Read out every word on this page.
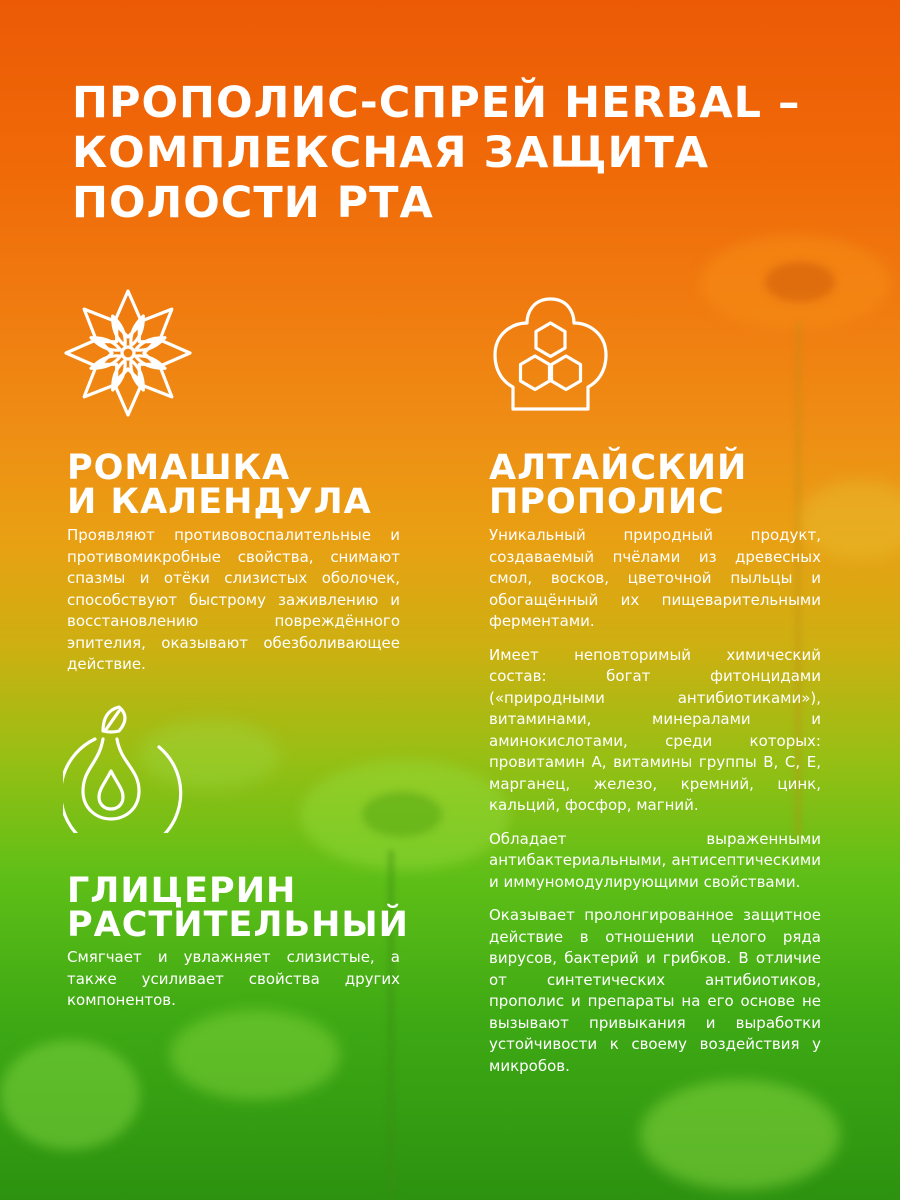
ПРОПОЛИС-СПРЕЙ HERBAL –
КОМПЛЕКСНАЯ ЗАЩИТА
ПОЛОСТИ РТА
РОМАШКА
И КАЛЕНДУЛА

Проявляют противовоспалительные и противомикробные свойства, снимают спазмы и отёки слизистых оболочек, способствуют быстрому заживлению и восстановлению повреждённого эпителия, оказывают обезболивающее действие.

ГЛИЦЕРИН
РАСТИТЕЛЬНЫЙ

Смягчает и увлажняет слизистые, а также усиливает свойства других компонентов.

АЛТАЙСКИЙ
ПРОПОЛИС

Уникальный природный продукт, создаваемый пчёлами из древесных смол, восков, цветочной пыльцы и обогащённый их пищеварительными ферментами.

Имеет неповторимый химический состав: богат фитонцидами («природными антибиотиками»), витаминами, минералами и аминокислотами, среди которых: провитамин А, витамины группы B, C, E, марганец, железо, кремний, цинк, кальций, фосфор, магний.

Обладает выраженными антибактериальными, антисептическими и иммуномодулирующими свойствами.

Оказывает пролонгированное защитное действие в отношении целого ряда вирусов, бактерий и грибков. В отличие от синтетических антибиотиков, прополис и препараты на его основе не вызывают привыкания и выработки устойчивости к своему воздействия у микробов.
